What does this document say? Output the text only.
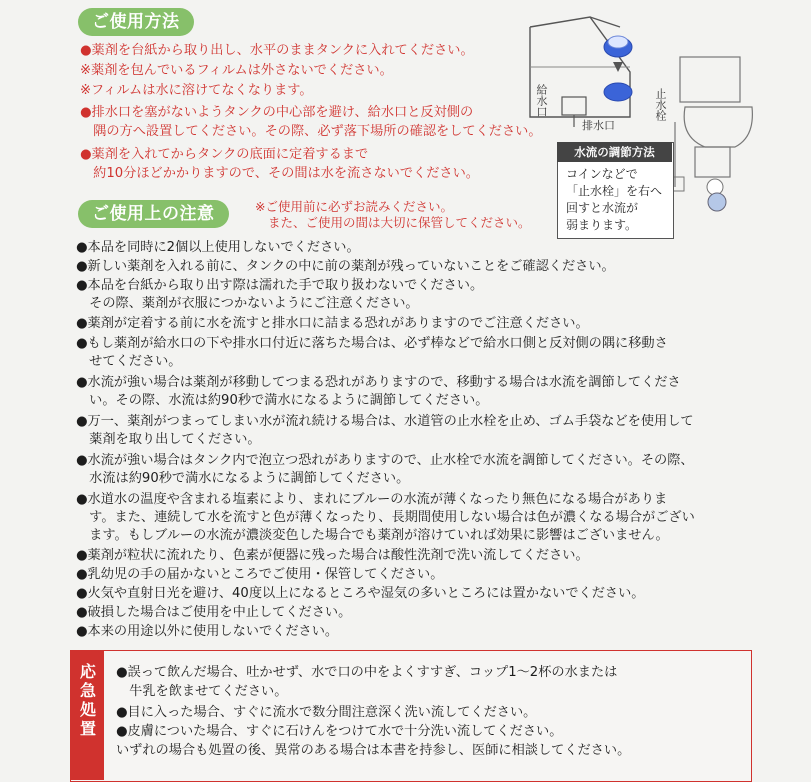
ご使用方法
●薬剤を台紙から取り出し、水平のままタンクに入れてください。
※薬剤を包んでいるフィルムは外さないでください。
※フィルムは水に溶けてなくなります。
●排水口を塞がないようタンクの中心部を避け、給水口と反対側の
　隅の方へ設置してください。その際、必ず落下場所の確認をしてください。
●薬剤を入れてからタンクの底面に定着するまで
　約10分ほどかかりますので、その間は水を流さないでください。
給水口
排水口
止水栓
水流の調節方法
コインなどで
「止水栓」を右へ
回すと水流が
弱まります。
ご使用上の注意	※ご使用前に必ずお読みください。
また、ご使用の間は大切に保管してください。
●本品を同時に2個以上使用しないでください。
●新しい薬剤を入れる前に、タンクの中に前の薬剤が残っていないことをご確認ください。
●本品を台紙から取り出す際は濡れた手で取り扱わないでください。
　その際、薬剤が衣服につかないようにご注意ください。
●薬剤が定着する前に水を流すと排水口に詰まる恐れがありますのでご注意ください。
●もし薬剤が給水口の下や排水口付近に落ちた場合は、必ず棒などで給水口側と反対側の隅に移動さ
　せてください。
●水流が強い場合は薬剤が移動してつまる恐れがありますので、移動する場合は水流を調節してくださ
　い。その際、水流は約90秒で満水になるように調節してください。
●万一、薬剤がつまってしまい水が流れ続ける場合は、水道管の止水栓を止め、ゴム手袋などを使用して
　薬剤を取り出してください。
●水流が強い場合はタンク内で泡立つ恐れがありますので、止水栓で水流を調節してください。その際、
　水流は約90秒で満水になるように調節してください。
●水道水の温度や含まれる塩素により、まれにブルーの水流が薄くなったり無色になる場合がありま
　す。また、連続して水を流すと色が薄くなったり、長期間使用しない場合は色が濃くなる場合がござい
　ます。もしブルーの水流が濃淡変色した場合でも薬剤が溶けていれば効果に影響はございません。
●薬剤が粒状に流れたり、色素が便器に残った場合は酸性洗剤で洗い流してください。
●乳幼児の手の届かないところでご使用・保管してください。
●火気や直射日光を避け、40度以上になるところや湿気の多いところには置かないでください。
●破損した場合はご使用を中止してください。
●本来の用途以外に使用しないでください。
応急処置
●誤って飲んだ場合、吐かせず、水で口の中をよくすすぎ、コップ1〜2杯の水または
　牛乳を飲ませてください。
●目に入った場合、すぐに流水で数分間注意深く洗い流してください。
●皮膚についた場合、すぐに石けんをつけて水で十分洗い流してください。
いずれの場合も処置の後、異常のある場合は本書を持参し、医師に相談してください。
